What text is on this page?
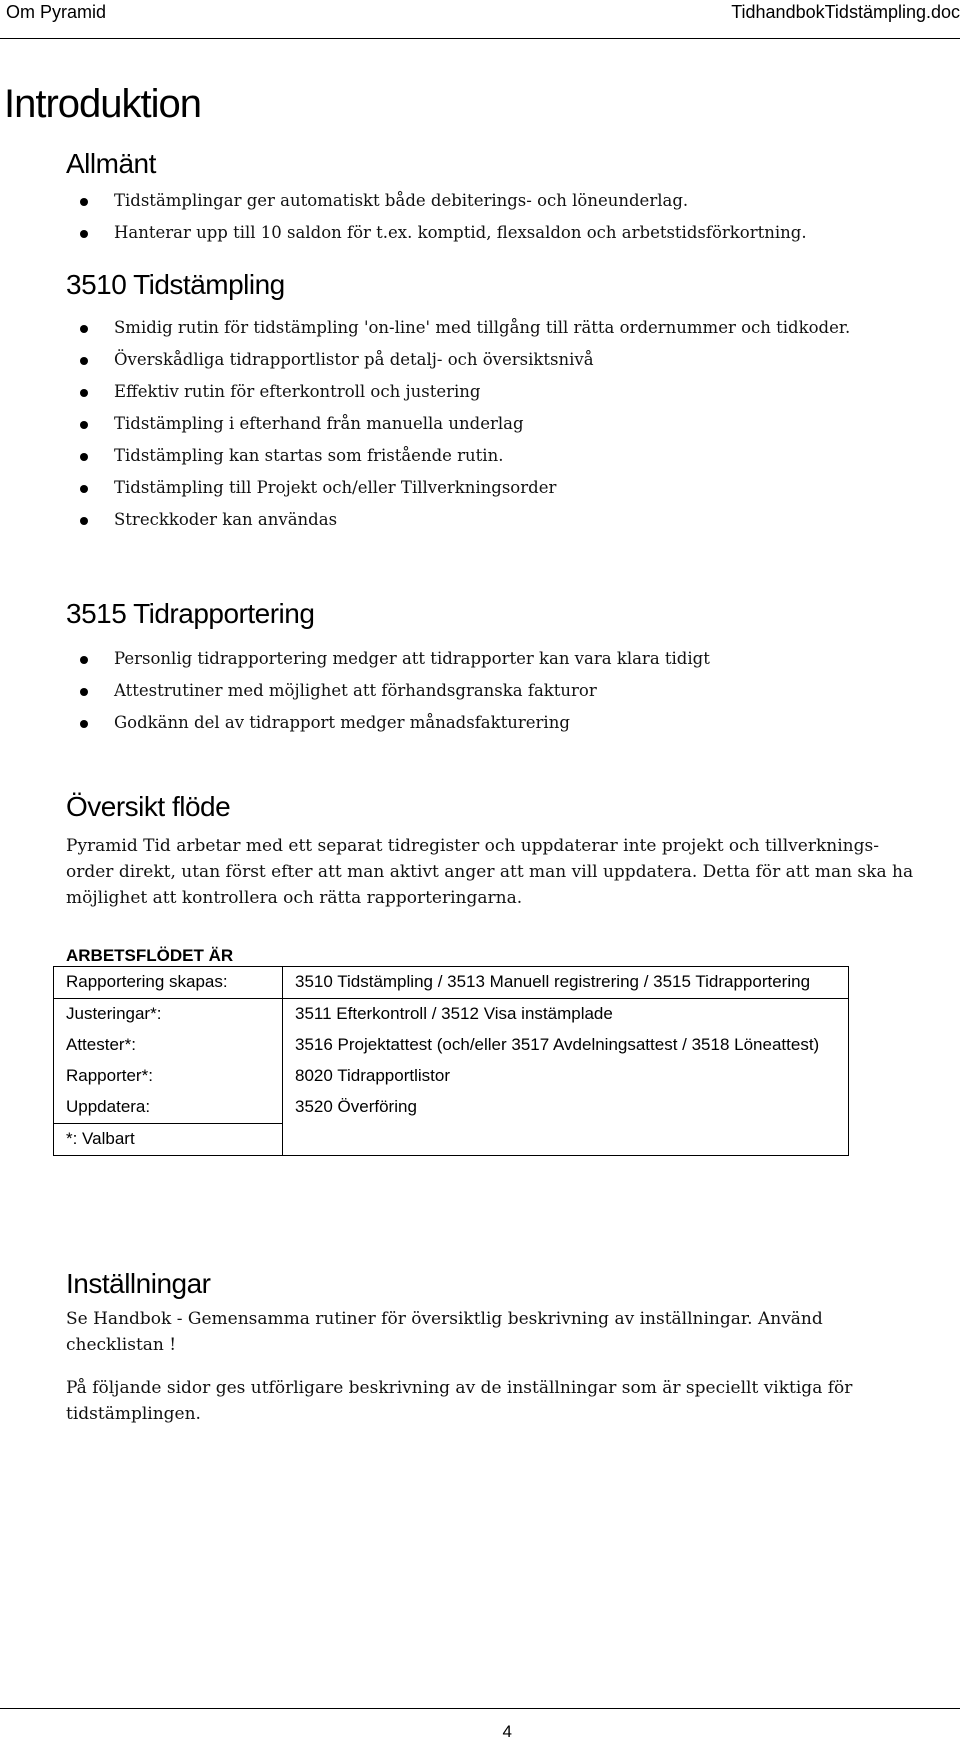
Om Pyramid	TidhandbokTidstämpling.doc
Introduktion
Allmänt
Tidstämplingar ger automatiskt både debiterings- och löneunderlag.
Hanterar upp till 10 saldon för t.ex. komptid, flexsaldon och arbetstidsförkortning.
3510 Tidstämpling
Smidig rutin för tidstämpling 'on-line' med tillgång till rätta ordernummer och tidkoder.
Överskådliga tidrapportlistor på detalj- och översiktsnivå
Effektiv rutin för efterkontroll och justering
Tidstämpling i efterhand från manuella underlag
Tidstämpling kan startas som fristående rutin.
Tidstämpling till Projekt och/eller Tillverkningsorder
Streckkoder kan användas
3515 Tidrapportering
Personlig tidrapportering medger att tidrapporter kan vara klara tidigt
Attestrutiner med möjlighet att förhandsgranska fakturor
Godkänn del av tidrapport medger månadsfakturering
Översikt flöde
Pyramid Tid arbetar med ett separat tidregister och uppdaterar inte projekt och tillverknings-
order direkt, utan först efter att man aktivt anger att man vill uppdatera. Detta för att man ska ha
möjlighet att kontrollera och rätta rapporteringarna.
ARBETSFLÖDET ÄR
Rapportering skapas:	3510 Tidstämpling / 3513 Manuell registrering / 3515 Tidrapportering
Justeringar*:	3511 Efterkontroll / 3512 Visa instämplade
Attester*:	3516 Projektattest (och/eller 3517 Avdelningsattest / 3518 Löneattest)
Rapporter*:	8020 Tidrapportlistor
Uppdatera:	3520 Överföring
*: Valbart	
Inställningar
Se Handbok - Gemensamma rutiner för översiktlig beskrivning av inställningar. Använd
checklistan !
På följande sidor ges utförligare beskrivning av de inställningar som är speciellt viktiga för
tidstämplingen.
4
